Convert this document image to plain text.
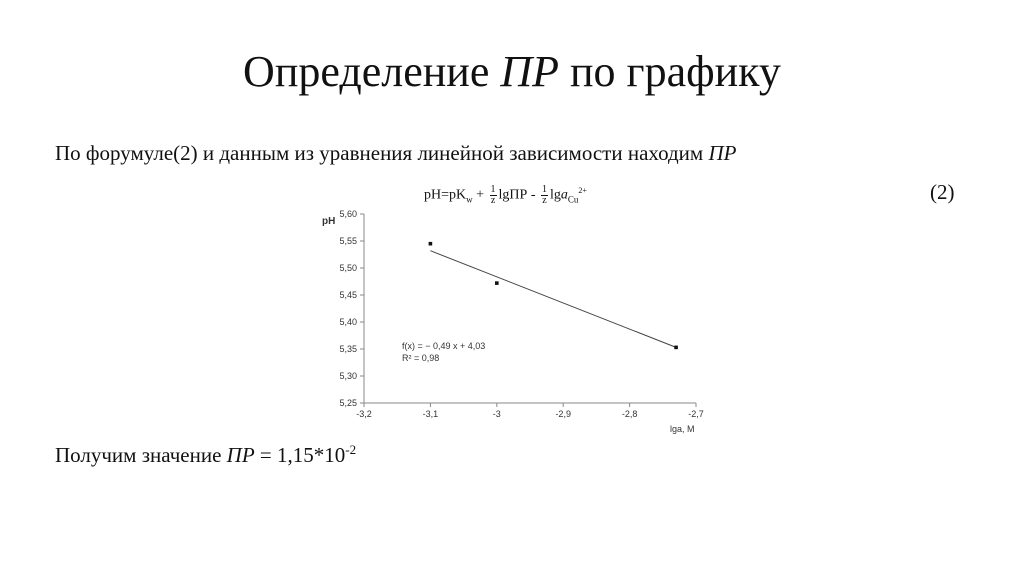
Определение ПР по графику
По форумуле(2) и данным из уравнения линейной зависимости находим ПР
$pH=pK_w + \frac{1}{z}$ lgПР - $\frac{1}{z} \lg a_{Cu}^{2+}$	(2)
pH
5,25
5,30
5,35
5,40
5,45
5,50
5,55
5,60
-3,2	-3,1	-3	-2,9	-2,8	-2,7
f(x) = − 0,49 x + 4,03
R² = 0,98
lga, M
Получим значение ПР = $1,15*10^{-2}$
